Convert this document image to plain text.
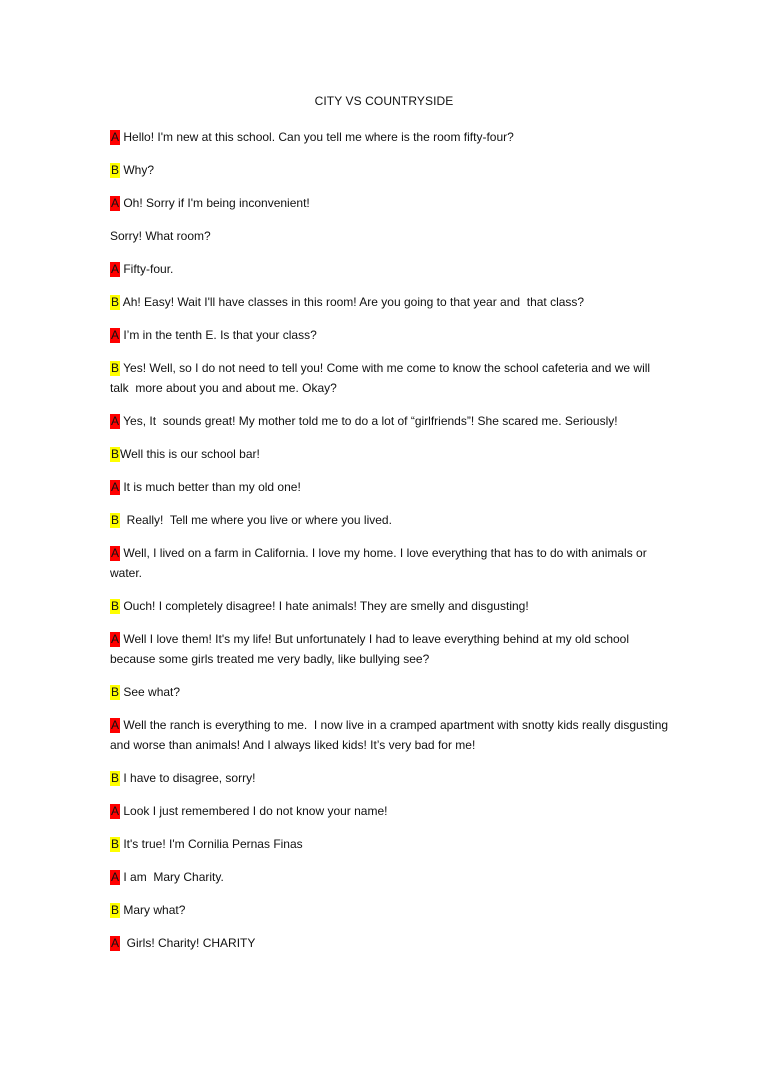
CITY VS COUNTRYSIDE
A Hello! I'm new at this school. Can you tell me where is the room fifty-four?
B Why?
A Oh! Sorry if I'm being inconvenient!
Sorry! What room?
A Fifty-four.
B Ah! Easy! Wait I'll have classes in this room! Are you going to that year and  that class?
A I’m in the tenth E. Is that your class?
B Yes! Well, so I do not need to tell you! Come with me come to know the school cafeteria and we will talk  more about you and about me. Okay?
A Yes, It  sounds great! My mother told me to do a lot of “girlfriends”! She scared me. Seriously!
BWell this is our school bar!
A It is much better than my old one!
B  Really!  Tell me where you live or where you lived.
A Well, I lived on a farm in California. I love my home. I love everything that has to do with animals or water.
B Ouch! I completely disagree! I hate animals! They are smelly and disgusting!
A Well I love them! It's my life! But unfortunately I had to leave everything behind at my old school because some girls treated me very badly, like bullying see?
B See what?
A Well the ranch is everything to me.  I now live in a cramped apartment with snotty kids really disgusting and worse than animals! And I always liked kids! It’s very bad for me!
B I have to disagree, sorry!
A Look I just remembered I do not know your name!
B It's true! I'm Cornilia Pernas Finas
A I am  Mary Charity.
B Mary what?
A  Girls! Charity! CHARITY
